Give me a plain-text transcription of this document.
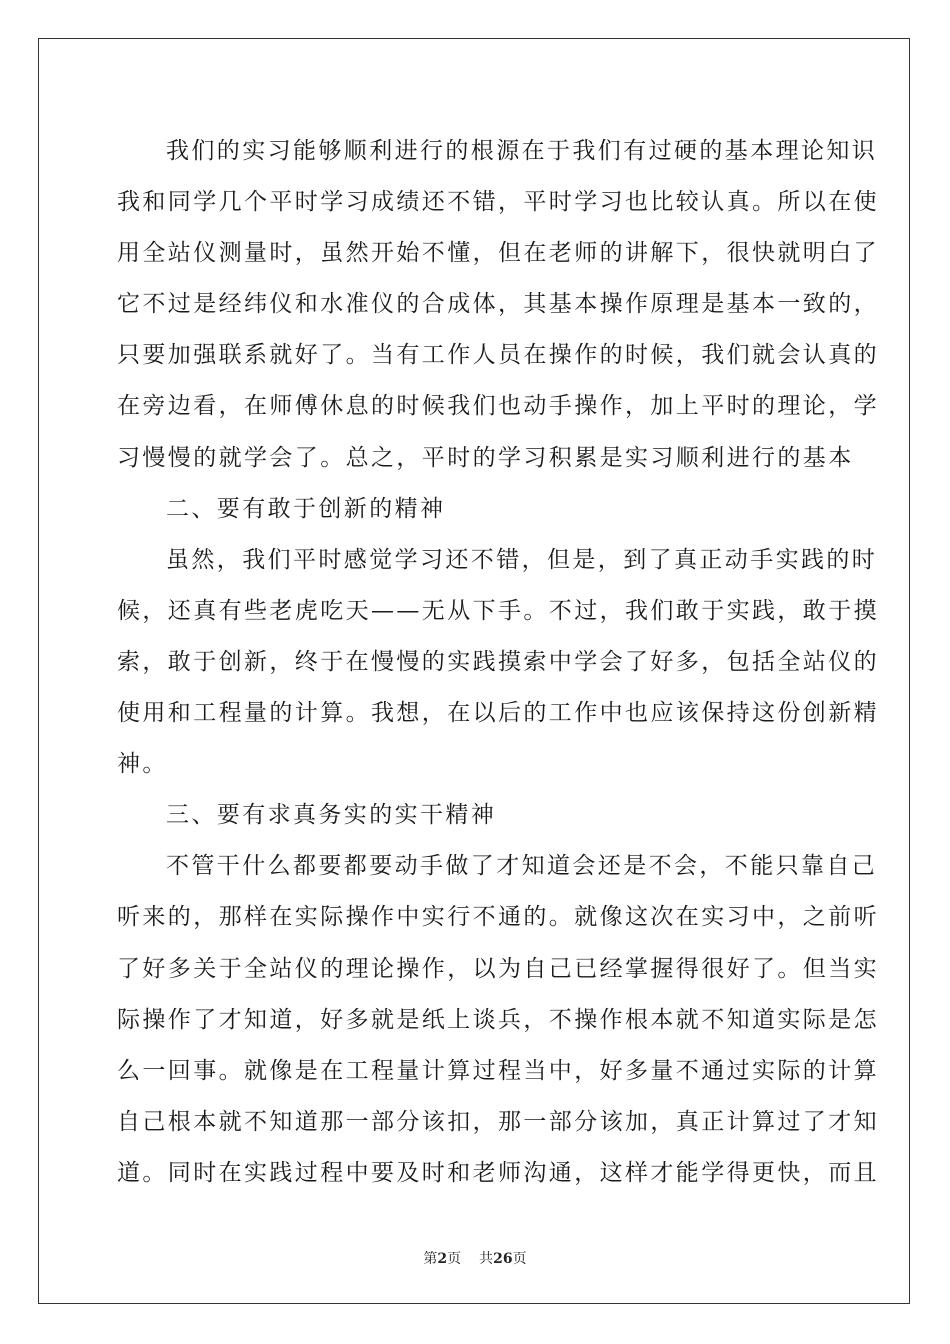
我们的实习能够顺利进行的根源在于我们有过硬的基本理论知识
我和同学几个平时学习成绩还不错，平时学习也比较认真。所以在使
用全站仪测量时，虽然开始不懂，但在老师的讲解下，很快就明白了
它不过是经纬仪和水准仪的合成体，其基本操作原理是基本一致的，
只要加强联系就好了。当有工作人员在操作的时候，我们就会认真的
在旁边看，在师傅休息的时候我们也动手操作，加上平时的理论，学
习慢慢的就学会了。总之，平时的学习积累是实习顺利进行的基本
二、要有敢于创新的精神
虽然，我们平时感觉学习还不错，但是，到了真正动手实践的时
候，还真有些老虎吃天——无从下手。不过，我们敢于实践，敢于摸
索，敢于创新，终于在慢慢的实践摸索中学会了好多，包括全站仪的
使用和工程量的计算。我想，在以后的工作中也应该保持这份创新精
神。
三、要有求真务实的实干精神
不管干什么都要都要动手做了才知道会还是不会，不能只靠自己
听来的，那样在实际操作中实行不通的。就像这次在实习中，之前听
了好多关于全站仪的理论操作，以为自己已经掌握得很好了。但当实
际操作了才知道，好多就是纸上谈兵，不操作根本就不知道实际是怎
么一回事。就像是在工程量计算过程当中，好多量不通过实际的计算
自己根本就不知道那一部分该扣，那一部分该加，真正计算过了才知
道。同时在实践过程中要及时和老师沟通，这样才能学得更快，而且
第2页 共26页
